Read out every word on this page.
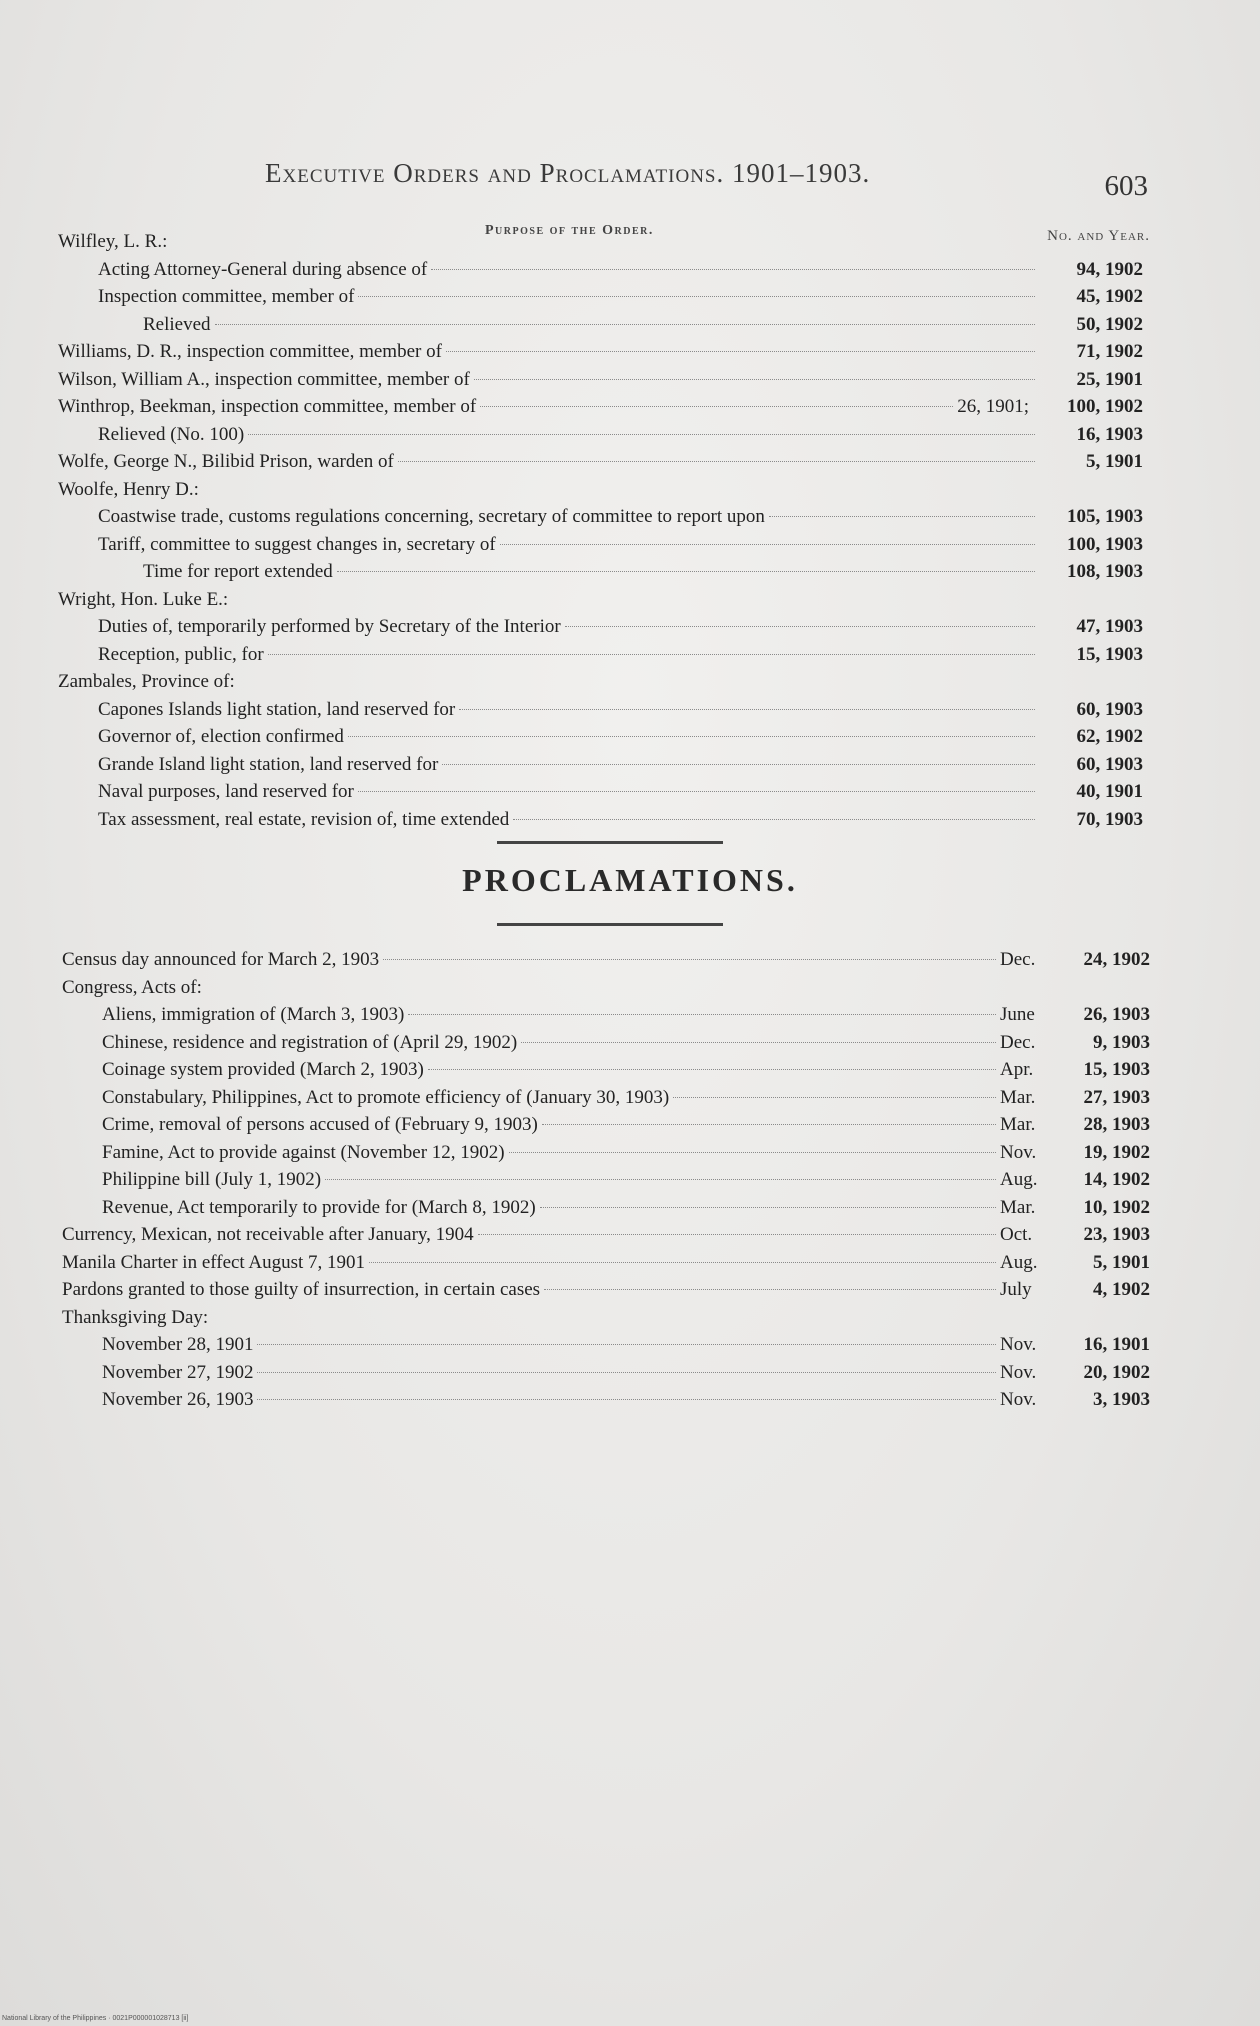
Executive Orders and Proclamations. 1901–1903.	603
Purpose of the Order.	No. and Year.
Wilfley, L. R.:
Acting Attorney-General during absence of	94, 1902
Inspection committee, member of	45, 1902
Relieved	50, 1902
Williams, D. R., inspection committee, member of	71, 1902
Wilson, William A., inspection committee, member of	25, 1901
Winthrop, Beekman, inspection committee, member of	26, 1901;	100, 1902
Relieved (No. 100)	16, 1903
Wolfe, George N., Bilibid Prison, warden of	5, 1901
Woolfe, Henry D.:
Coastwise trade, customs regulations concerning, secretary of committee to report upon	105, 1903
Tariff, committee to suggest changes in, secretary of	100, 1903
Time for report extended	108, 1903
Wright, Hon. Luke E.:
Duties of, temporarily performed by Secretary of the Interior	47, 1903
Reception, public, for	15, 1903
Zambales, Province of:
Capones Islands light station, land reserved for	60, 1903
Governor of, election confirmed	62, 1902
Grande Island light station, land reserved for	60, 1903
Naval purposes, land reserved for	40, 1901
Tax assessment, real estate, revision of, time extended	70, 1903
PROCLAMATIONS.
Census day announced for March 2, 1903	Dec.	24, 1902
Congress, Acts of:
Aliens, immigration of (March 3, 1903)	June	26, 1903
Chinese, residence and registration of (April 29, 1902)	Dec.	9, 1903
Coinage system provided (March 2, 1903)	Apr.	15, 1903
Constabulary, Philippines, Act to promote efficiency of (January 30, 1903)	Mar.	27, 1903
Crime, removal of persons accused of (February 9, 1903)	Mar.	28, 1903
Famine, Act to provide against (November 12, 1902)	Nov.	19, 1902
Philippine bill (July 1, 1902)	Aug.	14, 1902
Revenue, Act temporarily to provide for (March 8, 1902)	Mar.	10, 1902
Currency, Mexican, not receivable after January, 1904	Oct.	23, 1903
Manila Charter in effect August 7, 1901	Aug.	5, 1901
Pardons granted to those guilty of insurrection, in certain cases	July	4, 1902
Thanksgiving Day:
November 28, 1901	Nov.	16, 1901
November 27, 1902	Nov.	20, 1902
November 26, 1903	Nov.	3, 1903
National Library of the Philippines · 0021P000001028713 [ii]
